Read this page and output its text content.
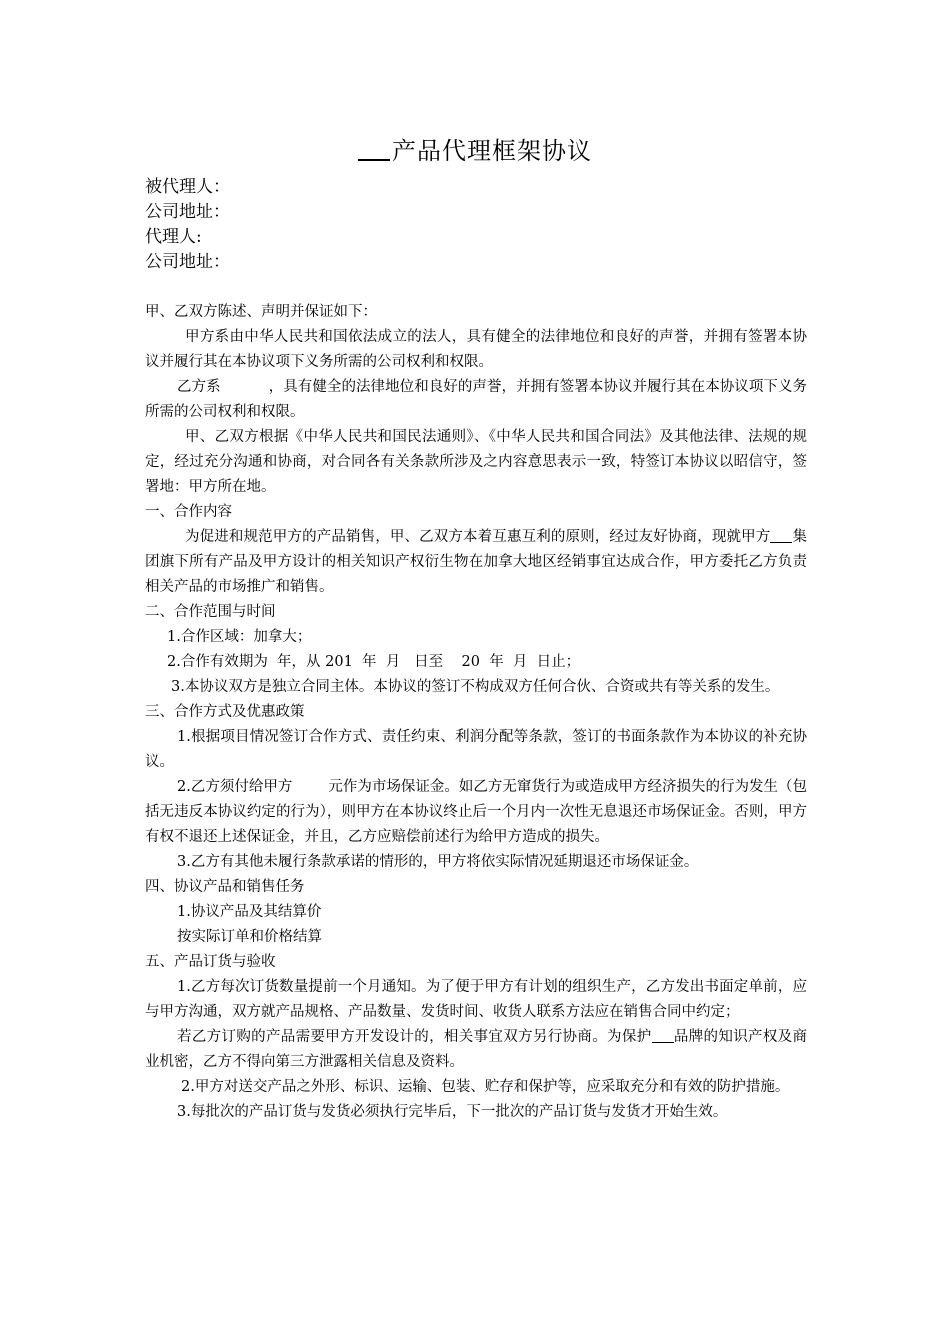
产品代理框架协议
被代理人：
公司地址：
代理人:
公司地址：

甲、乙双方陈述、声明并保证如下：

甲方系由中华人民共和国依法成立的法人，具有健全的法律地位和良好的声誉，并拥有签署本协议并履行其在本协议项下义务所需的公司权利和权限。

乙方系	，具有健全的法律地位和良好的声誉，并拥有签署本协议并履行其在本协议项下义务所需的公司权利和权限。

甲、乙双方根据《中华人民共和国民法通则》、《中华人民共和国合同法》及其他法律、法规的规定，经过充分沟通和协商，对合同各有关条款所涉及之内容意思表示一致，特签订本协议以昭信守，签署地：甲方所在地。

一、合作内容

为促进和规范甲方的产品销售，甲、乙双方本着互惠互利的原则，经过友好协商，现就甲方 集团旗下所有产品及甲方设计的相关知识产权衍生物在加拿大地区经销事宜达成合作，甲方委托乙方负责相关产品的市场推广和销售。

二、合作范围与时间

1.合作区域：加拿大；

2.合作有效期为  年，从 201  年  月   日至    20  年  月  日止；

3.本协议双方是独立合同主体。本协议的签订不构成双方任何合伙、合资或共有等关系的发生。

三、合作方式及优惠政策

1.根据项目情况签订合作方式、责任约束、利润分配等条款，签订的书面条款作为本协议的补充协议。

2.乙方须付给甲方 元作为市场保证金。如乙方无窜货行为或造成甲方经济损失的行为发生（包括无违反本协议约定的行为），则甲方在本协议终止后一个月内一次性无息退还市场保证金。否则，甲方有权不退还上述保证金，并且，乙方应赔偿前述行为给甲方造成的损失。

3.乙方有其他未履行条款承诺的情形的，甲方将依实际情况延期退还市场保证金。

四、协议产品和销售任务

1.协议产品及其结算价

按实际订单和价格结算

五、产品订货与验收

1.乙方每次订货数量提前一个月通知。为了便于甲方有计划的组织生产，乙方发出书面定单前，应与甲方沟通，双方就产品规格、产品数量、发货时间、收货人联系方法应在销售合同中约定；

若乙方订购的产品需要甲方开发设计的，相关事宜双方另行协商。为保护 品牌的知识产权及商业机密，乙方不得向第三方泄露相关信息及资料。

2.甲方对送交产品之外形、标识、运输、包装、贮存和保护等，应采取充分和有效的防护措施。

3.每批次的产品订货与发货必须执行完毕后，下一批次的产品订货与发货才开始生效。
